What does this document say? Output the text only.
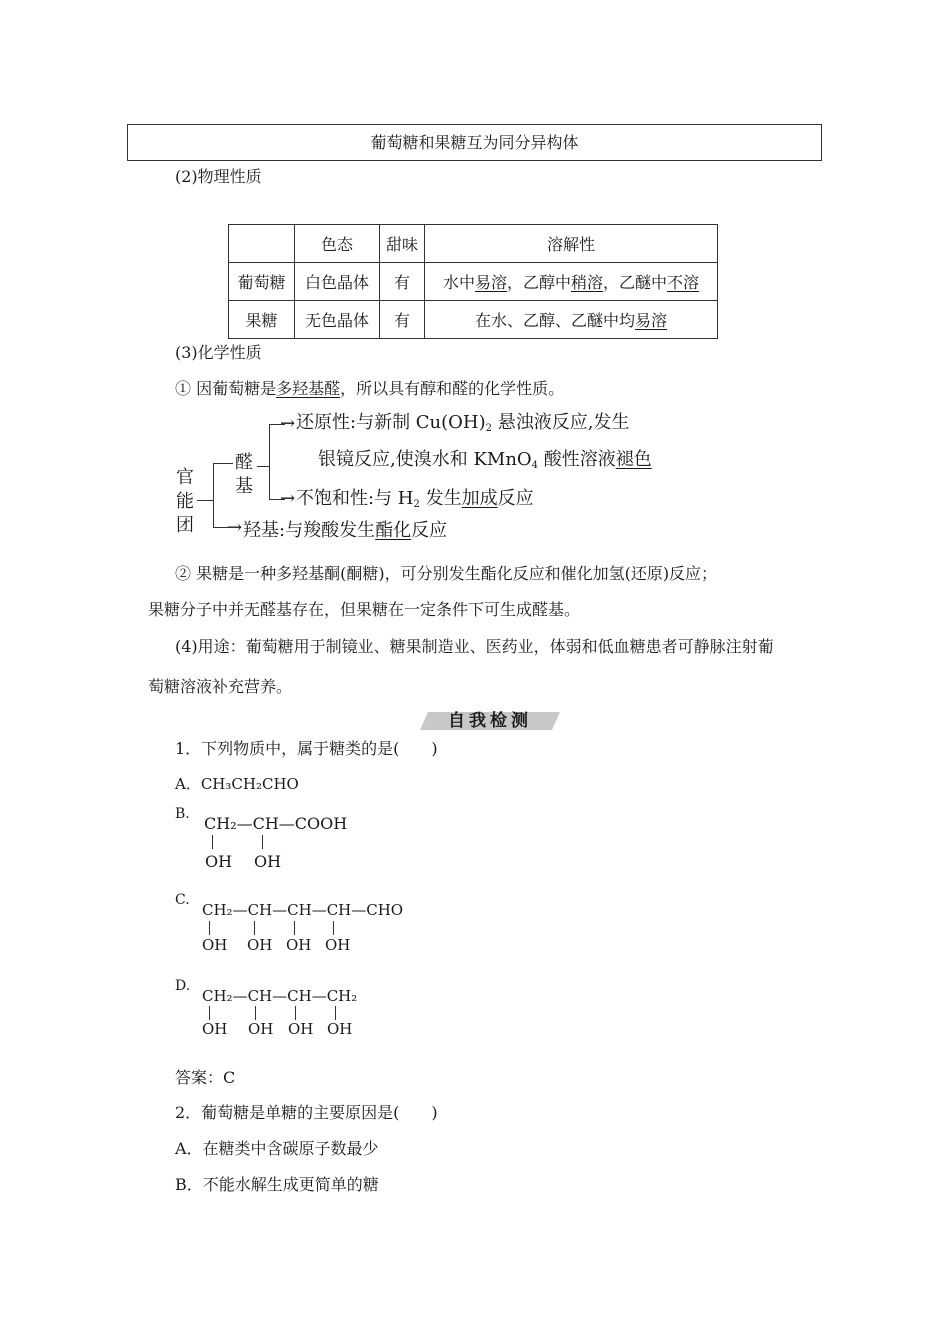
葡萄糖和果糖互为同分异构体
(2)物理性质
	色态	甜味	溶解性
葡萄糖	白色晶体	有	水中易溶，乙醇中稍溶，乙醚中不溶
果糖	无色晶体	有	在水、乙醇、乙醚中均易溶
(3)化学性质
① 因葡萄糖是多羟基醛，所以具有醇和醛的化学性质。
官
能
团 →
醛
基
→
→
还原性:与新制 $Cu(OH)_2$ 悬浊液反应,发生
银镜反应,使溴水和 KMnO$_4$ 酸性溶液褪色
不饱和性:与 $H_2$ 发生加成反应
羟基:与羧酸发生酯化反应
② 果糖是一种多羟基酮(酮糖)，可分别发生酯化反应和催化加氢(还原)反应；
果糖分子中并无醛基存在，但果糖在一定条件下可生成醛基。
(4)用途：葡萄糖用于制镜业、糖果制造业、医药业，体弱和低血糖患者可静脉注射葡
萄糖溶液补充营养。
自我检测
1．下列物质中，属于糖类的是(　　)
A．CH₃CH₂CHO
B. CH₂—CH—COOH
OH OH
C.
CH₂—CH—CH—CH—CHO
OH OH OH OH
D.
CH₂—CH—CH—CH₂
OH OH OH OH
答案：C
2．葡萄糖是单糖的主要原因是(　　)
A．在糖类中含碳原子数最少
B．不能水解生成更简单的糖
